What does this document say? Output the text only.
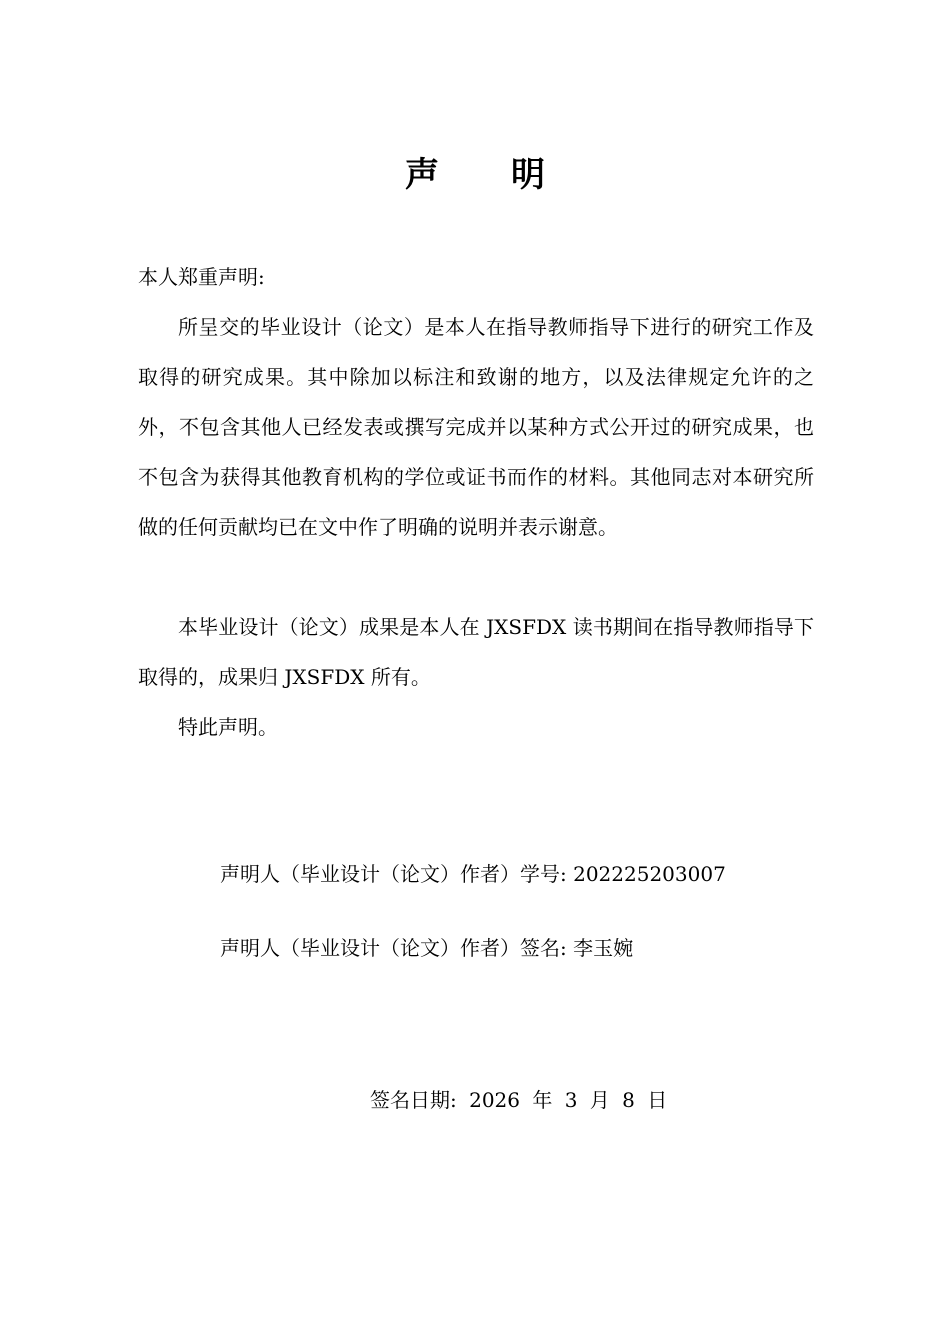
声 明
本人郑重声明:
所呈交的毕业设计（论文）是本人在指导教师指导下进行的研究工作及取得的研究成果。其中除加以标注和致谢的地方，以及法律规定允许的之外，不包含其他人已经发表或撰写完成并以某种方式公开过的研究成果，也不包含为获得其他教育机构的学位或证书而作的材料。其他同志对本研究所做的任何贡献均已在文中作了明确的说明并表示谢意。
本毕业设计（论文）成果是本人在 JXSFDX 读书期间在指导教师指导下取得的，成果归 JXSFDX 所有。
特此声明。
声明人（毕业设计（论文）作者）学号: 202225203007
声明人（毕业设计（论文）作者）签名: 李玉婉
签名日期: 2026 年 3 月 8 日
